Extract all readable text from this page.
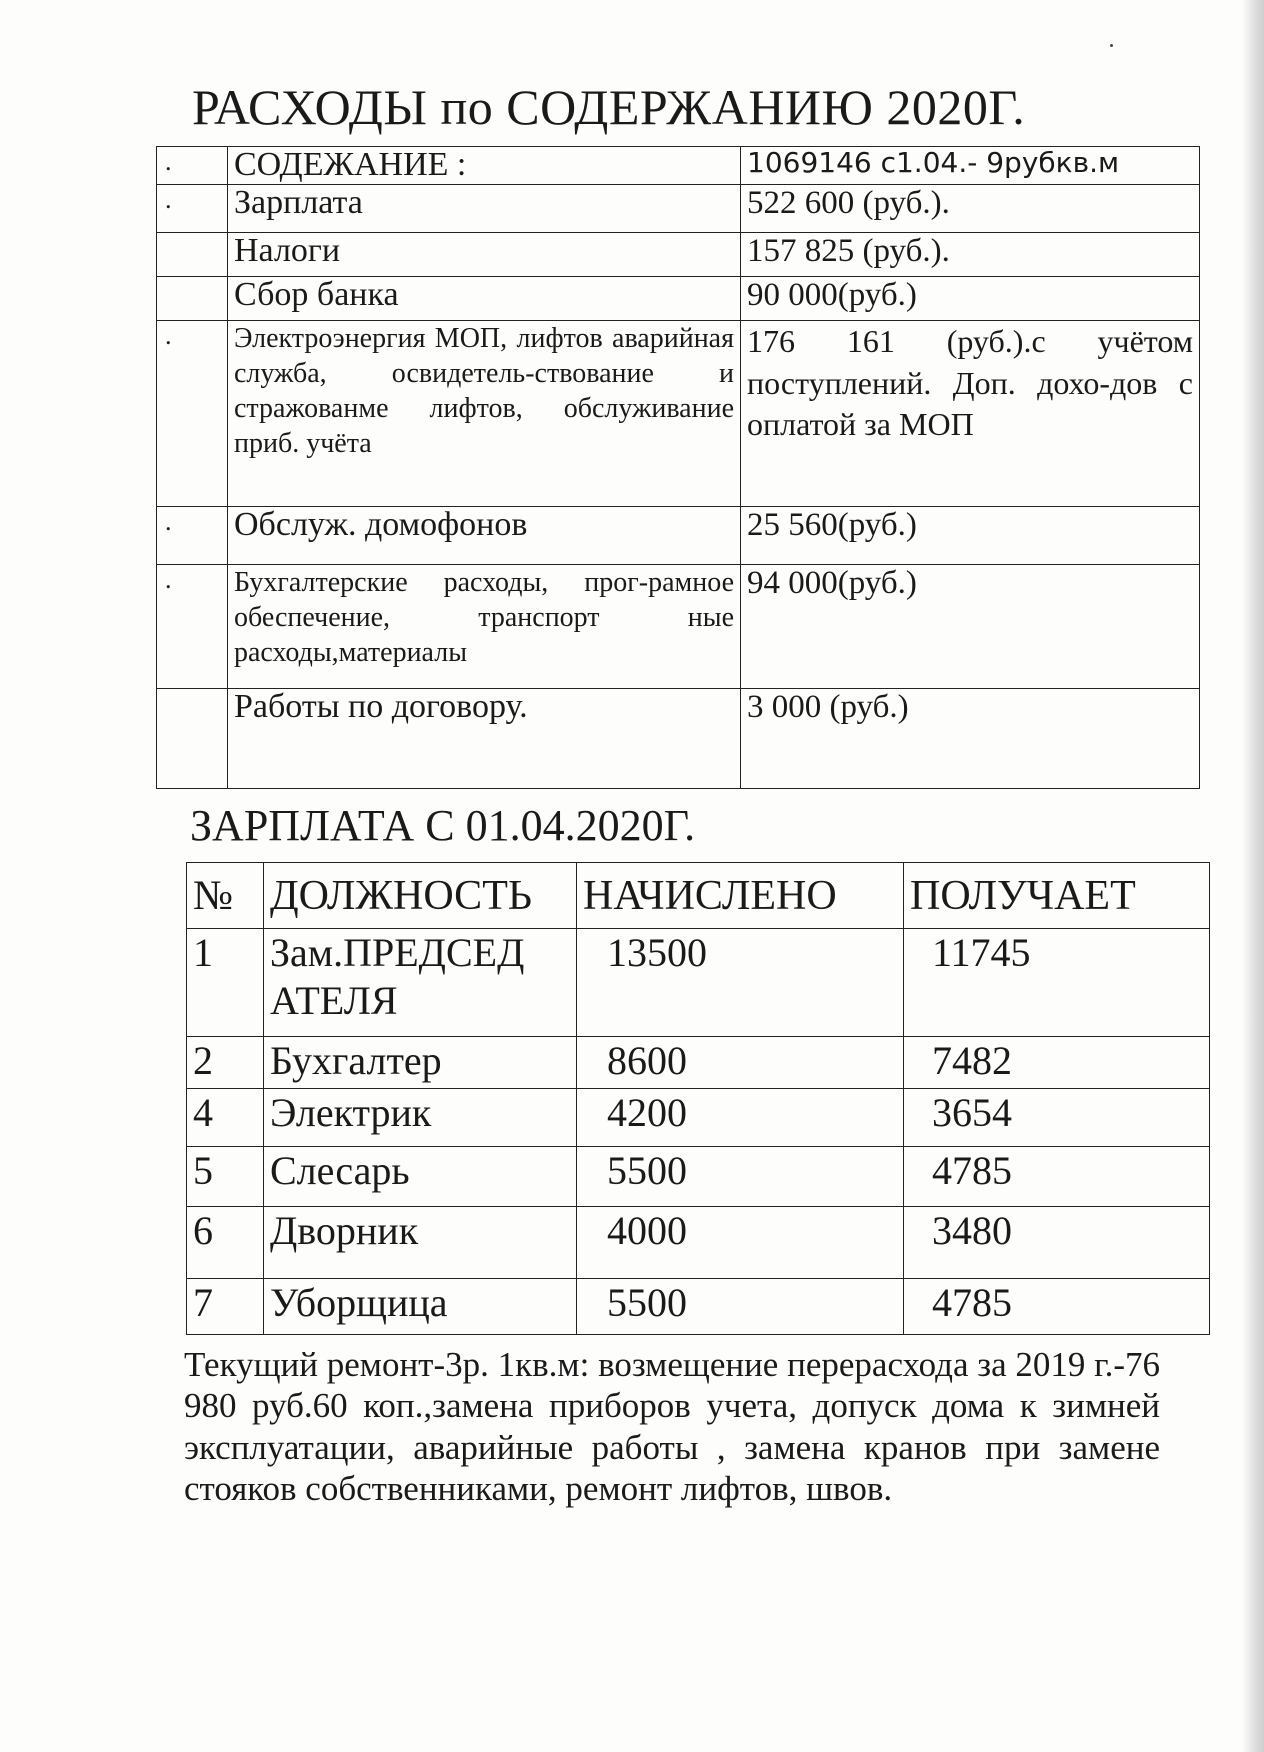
РАСХОДЫ по СОДЕРЖАНИЮ 2020Г.
.	СОДЕЖАНИЕ :	1069146 с1.04.- 9рубкв.м
.	Зарплата	522 600 (руб.).
	Налоги	157 825 (руб.).
	Сбор банка	90 000(руб.)
.	Электроэнергия МОП, лифтов аварийная служба, освидетель-ствование и стражованме лифтов, обслуживание приб. учёта	176 161 (руб.).с учётом поступлений. Доп. дохо-дов с оплатой за МОП
.	Обслуж. домофонов	25 560(руб.)
.	Бухгалтерские расходы, прог-рамное обеспечение, транспорт ные расходы,материалы	94 000(руб.)
	Работы по договору.	3 000 (руб.)
ЗАРПЛАТА С 01.04.2020Г.
№	ДОЛЖНОСТЬ	НАЧИСЛЕНО	ПОЛУЧАЕТ
1	Зам.ПРЕДСЕД АТЕЛЯ	13500	11745
2	Бухгалтер	8600	7482
4	Электрик	4200	3654
5	Слесарь	5500	4785
6	Дворник	4000	3480
7	Уборщица	5500	4785
Текущий ремонт-3р. 1кв.м: возмещение перерасхода за 2019 г.-76 980 руб.60 коп.,замена приборов учета, допуск дома к зимней эксплуатации, аварийные работы , замена кранов при замене стояков собственниками, ремонт лифтов, швов.
